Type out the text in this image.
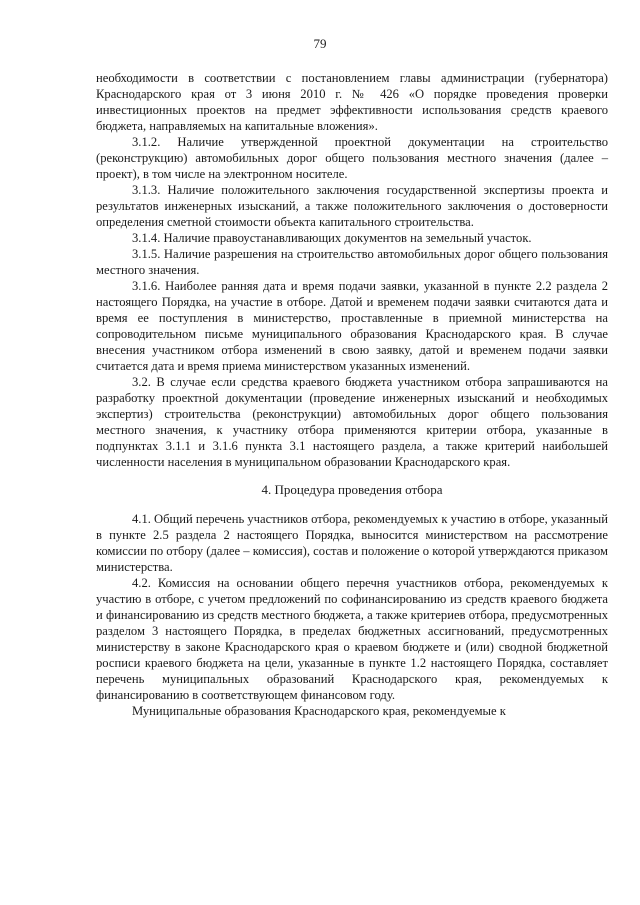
79

необходимости в соответствии с постановлением главы администрации (губернатора) Краснодарского края от 3 июня 2010 г. № 426 «О порядке проведения проверки инвестиционных проектов на предмет эффективности использования средств краевого бюджета, направляемых на капитальные вложения».

3.1.2. Наличие утвержденной проектной документации на строительство (реконструкцию) автомобильных дорог общего пользования местного значения (далее – проект), в том числе на электронном носителе.

3.1.3. Наличие положительного заключения государственной экспертизы проекта и результатов инженерных изысканий, а также положительного заключения о достоверности определения сметной стоимости объекта капитального строительства.

3.1.4. Наличие правоустанавливающих документов на земельный участок.

3.1.5. Наличие разрешения на строительство автомобильных дорог общего пользования местного значения.

3.1.6. Наиболее ранняя дата и время подачи заявки, указанной в пункте 2.2 раздела 2 настоящего Порядка, на участие в отборе. Датой и временем подачи заявки считаются дата и время ее поступления в министерство, проставленные в приемной министерства на сопроводительном письме муниципального образования Краснодарского края. В случае внесения участником отбора изменений в свою заявку, датой и временем подачи заявки считается дата и время приема министерством указанных изменений.

3.2. В случае если средства краевого бюджета участником отбора запрашиваются на разработку проектной документации (проведение инженерных изысканий и необходимых экспертиз) строительства (реконструкции) автомобильных дорог общего пользования местного значения, к участнику отбора применяются критерии отбора, указанные в подпунктах 3.1.1 и 3.1.6 пункта 3.1 настоящего раздела, а также критерий наибольшей численности населения в муниципальном образовании Краснодарского края.

4. Процедура проведения отбора

4.1. Общий перечень участников отбора, рекомендуемых к участию в отборе, указанный в пункте 2.5 раздела 2 настоящего Порядка, выносится министерством на рассмотрение комиссии по отбору (далее – комиссия), состав и положение о которой утверждаются приказом министерства.

4.2. Комиссия на основании общего перечня участников отбора, рекомендуемых к участию в отборе, с учетом предложений по софинансированию из средств краевого бюджета и финансированию из средств местного бюджета, а также критериев отбора, предусмотренных разделом 3 настоящего Порядка, в пределах бюджетных ассигнований, предусмотренных министерству в законе Краснодарского края о краевом бюджете и (или) сводной бюджетной росписи краевого бюджета на цели, указанные в пункте 1.2 настоящего Порядка, составляет перечень муниципальных образований Краснодарского края, рекомендуемых к финансированию в соответствующем финансовом году.

Муниципальные образования Краснодарского края, рекомендуемые к
